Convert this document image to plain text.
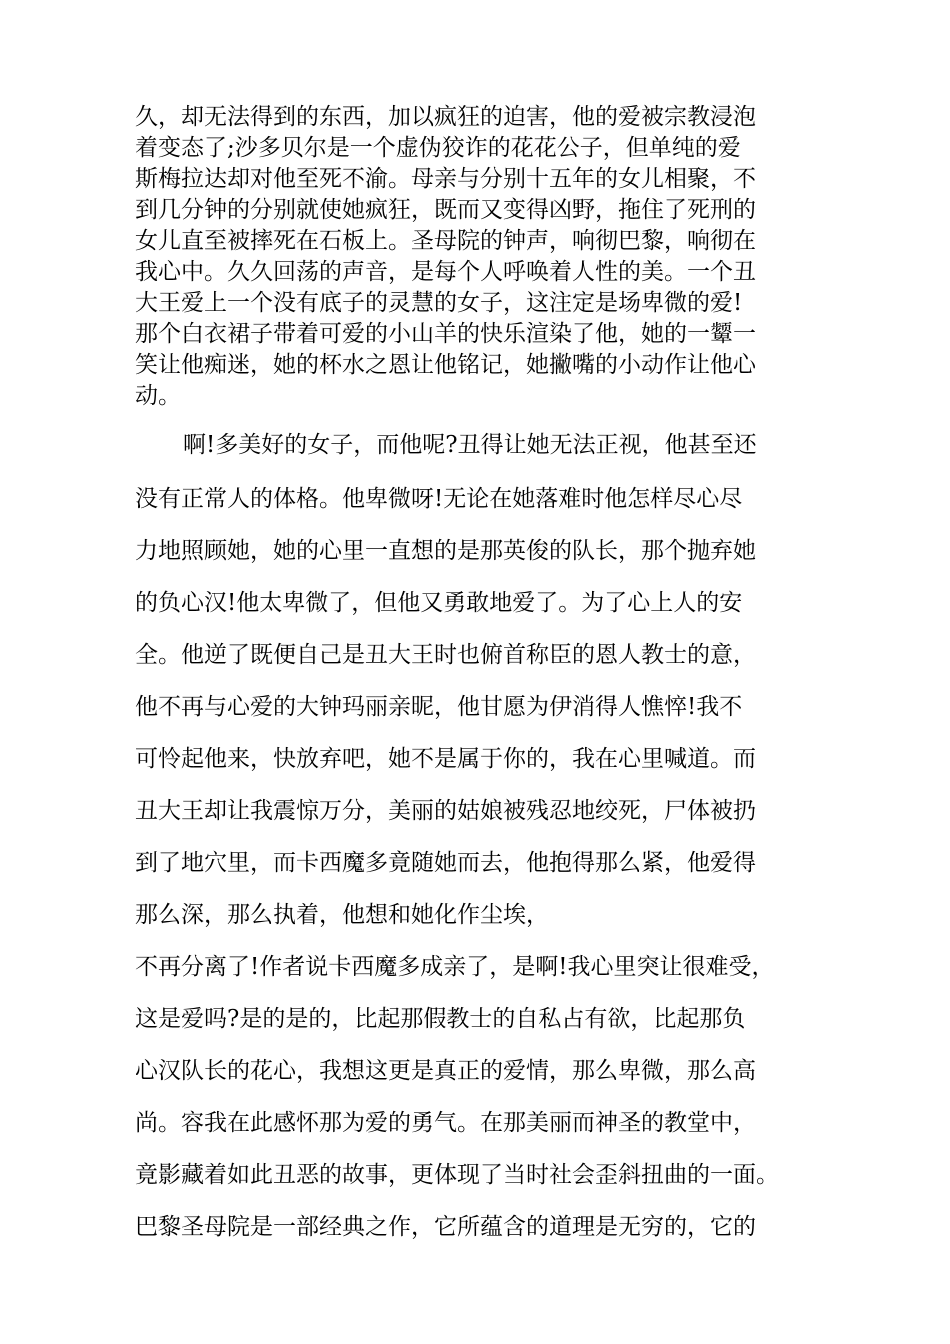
久，却无法得到的东西，加以疯狂的迫害，他的爱被宗教浸泡
着变态了;沙多贝尔是一个虚伪狡诈的花花公子，但单纯的爱
斯梅拉达却对他至死不渝。母亲与分别十五年的女儿相聚，不
到几分钟的分别就使她疯狂，既而又变得凶野，拖住了死刑的
女儿直至被摔死在石板上。圣母院的钟声，响彻巴黎，响彻在
我心中。久久回荡的声音，是每个人呼唤着人性的美。一个丑
大王爱上一个没有底子的灵慧的女子，这注定是场卑微的爱!
那个白衣裙子带着可爱的小山羊的快乐渲染了他，她的一颦一
笑让他痴迷，她的杯水之恩让他铭记，她撇嘴的小动作让他心
动。
啊!多美好的女子，而他呢?丑得让她无法正视，他甚至还
没有正常人的体格。他卑微呀!无论在她落难时他怎样尽心尽
力地照顾她，她的心里一直想的是那英俊的队长，那个抛弃她
的负心汉!他太卑微了，但他又勇敢地爱了。为了心上人的安
全。他逆了既便自己是丑大王时也俯首称臣的恩人教士的意，
他不再与心爱的大钟玛丽亲昵，他甘愿为伊消得人憔悴!我不
可怜起他来，快放弃吧，她不是属于你的，我在心里喊道。而
丑大王却让我震惊万分，美丽的姑娘被残忍地绞死，尸体被扔
到了地穴里，而卡西魔多竟随她而去，他抱得那么紧，他爱得
那么深，那么执着，他想和她化作尘埃，
不再分离了!作者说卡西魔多成亲了，是啊!我心里突让很难受，
这是爱吗?是的是的，比起那假教士的自私占有欲，比起那负
心汉队长的花心，我想这更是真正的爱情，那么卑微，那么高
尚。容我在此感怀那为爱的勇气。在那美丽而神圣的教堂中，
竟影藏着如此丑恶的故事，更体现了当时社会歪斜扭曲的一面。
巴黎圣母院是一部经典之作，它所蕴含的道理是无穷的，它的
